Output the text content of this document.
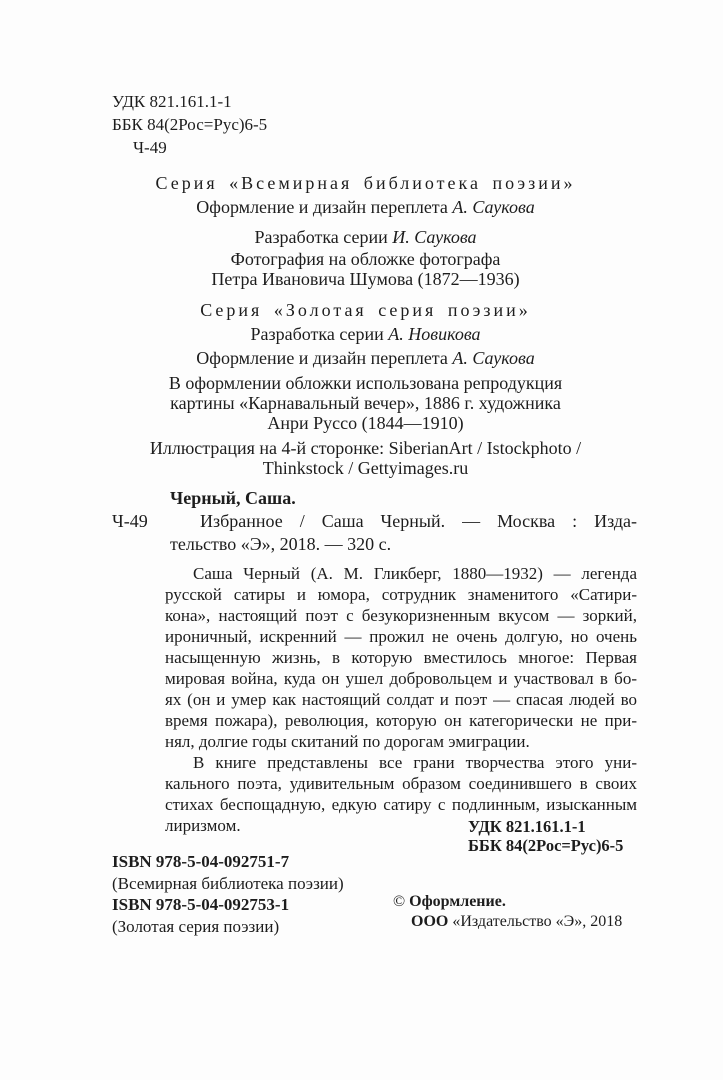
УДК 821.161.1-1
ББК 84(2Рос=Рус)6-5
Ч-49
Серия «Всемирная библиотека поэзии»
Оформление и дизайн переплета А. Саукова
Разработка серии И. Саукова
Фотография на обложке фотографа
Петра Ивановича Шумова (1872—1936)
Серия «Золотая серия поэзии»
Разработка серии А. Новикова
Оформление и дизайн переплета А. Саукова
В оформлении обложки использована репродукция
картины «Карнавальный вечер», 1886 г. художника
Анри Руссо (1844—1910)
Иллюстрация на 4-й сторонке: SiberianArt / Istockphoto /
Thinkstock / Gettyimages.ru
Черный, Саша.
Ч-49	Избранное / Саша Черный. — Москва : Изда-
тельство «Э», 2018. — 320 с.
Саша Черный (А. М. Гликберг, 1880—1932) — легенда
русской сатиры и юмора, сотрудник знаменитого «Сатири-
кона», настоящий поэт с безукоризненным вкусом — зоркий,
ироничный, искренний — прожил не очень долгую, но очень
насыщенную жизнь, в которую вместилось многое: Первая
мировая война, куда он ушел добровольцем и участвовал в бо-
ях (он и умер как настоящий солдат и поэт — спасая людей во
время пожара), революция, которую он категорически не при-
нял, долгие годы скитаний по дорогам эмиграции.
В книге представлены все грани творчества этого уни-
кального поэта, удивительным образом соединившего в своих
стихах беспощадную, едкую сатиру с подлинным, изысканным
лиризмом.	УДК 821.161.1-1
ББК 84(2Рос=Рус)6-5
ISBN 978-5-04-092751-7
(Всемирная библиотека поэзии)
ISBN 978-5-04-092753-1
(Золотая серия поэзии)
© Оформление.
ООО «Издательство «Э», 2018
